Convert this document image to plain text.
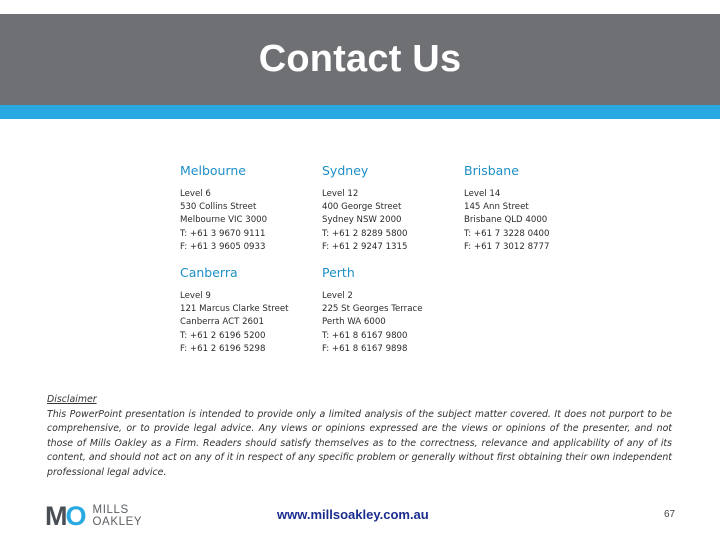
Contact Us
Melbourne
Level 6
530 Collins Street
Melbourne VIC 3000
T: +61 3 9670 9111
F: +61 3 9605 0933
Sydney
Level 12
400 George Street
Sydney NSW 2000
T: +61 2 8289 5800
F: +61 2 9247 1315
Brisbane
Level 14
145 Ann Street
Brisbane QLD 4000
T: +61 7 3228 0400
F: +61 7 3012 8777
Canberra
Level 9
121 Marcus Clarke Street
Canberra ACT 2601
T: +61 2 6196 5200
F: +61 2 6196 5298
Perth
Level 2
225 St Georges Terrace
Perth WA 6000
T: +61 8 6167 9800
F: +61 8 6167 9898
Disclaimer
This PowerPoint presentation is intended to provide only a limited analysis of the subject matter covered. It does not purport to be comprehensive, or to provide legal advice. Any views or opinions expressed are the views or opinions of the presenter, and not those of Mills Oakley as a Firm. Readers should satisfy themselves as to the correctness, relevance and applicability of any of its content, and should not act on any of it in respect of any specific problem or generally without first obtaining their own independent professional legal advice.
MO MILLS
OAKLEY	www.millsoakley.com.au	67
